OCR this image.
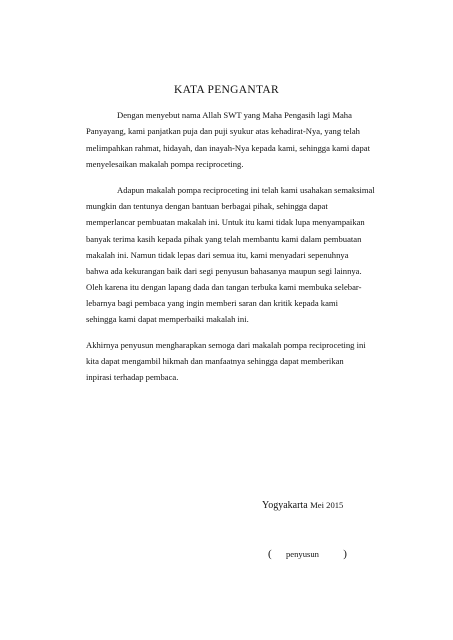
KATA PENGANTAR
Dengan menyebut nama Allah SWT yang Maha Pengasih lagi Maha
Panyayang, kami panjatkan puja dan puji syukur atas kehadirat-Nya, yang telah
melimpahkan rahmat, hidayah, dan inayah-Nya kepada kami, sehingga kami dapat
menyelesaikan makalah pompa reciproceting.
Adapun makalah pompa reciproceting ini telah kami usahakan semaksimal
mungkin dan tentunya dengan bantuan berbagai pihak, sehingga dapat
memperlancar pembuatan makalah ini. Untuk itu kami tidak lupa menyampaikan
banyak terima kasih kepada pihak yang telah membantu kami dalam pembuatan
makalah ini. Namun tidak lepas dari semua itu, kami menyadari sepenuhnya
bahwa ada kekurangan baik dari segi penyusun bahasanya maupun segi lainnya.
Oleh karena itu dengan lapang dada dan tangan terbuka kami membuka selebar-
lebarnya bagi pembaca yang ingin memberi saran dan kritik kepada kami
sehingga kami dapat memperbaiki makalah ini.
Akhirnya penyusun mengharapkan semoga dari makalah pompa reciproceting ini
kita dapat mengambil hikmah dan manfaatnya sehingga dapat memberikan
inpirasi terhadap pembaca.
Yogyakarta Mei 2015
( penyusun )
